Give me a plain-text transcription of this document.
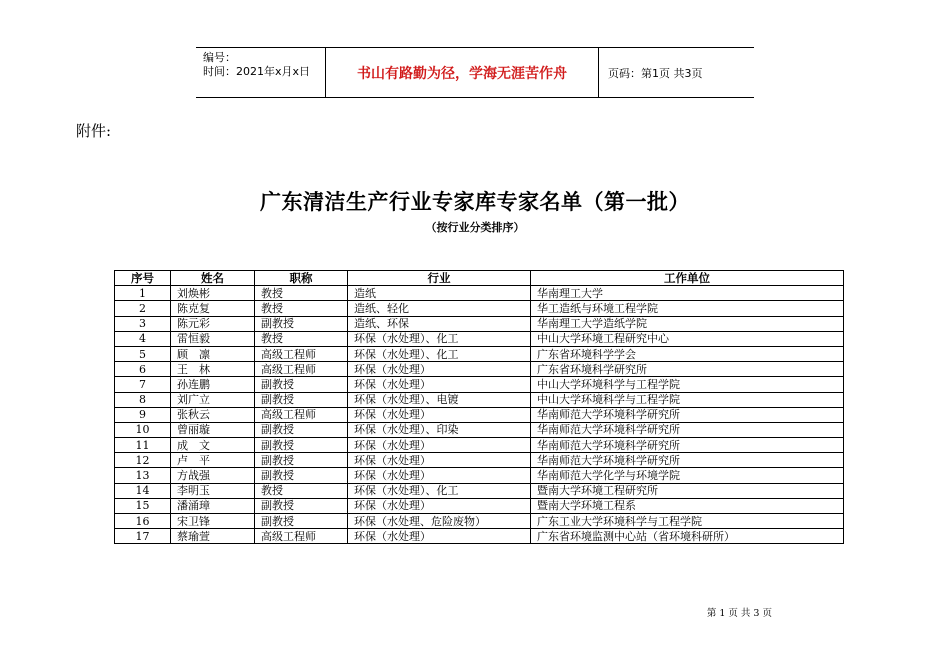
编号：
时间：2021年x月x日	书山有路勤为径，学海无涯苦作舟	页码：第1页 共3页
附件:
广东清洁生产行业专家库专家名单（第一批）
（按行业分类排序）
序号	姓名	职称	行业	工作单位
1	刘焕彬	教授	造纸	华南理工大学
2	陈克复	教授	造纸、轻化	华工造纸与环境工程学院
3	陈元彩	副教授	造纸、环保	华南理工大学造纸学院
4	雷恒毅	教授	环保（水处理）、化工	中山大学环境工程研究中心
5	顾　凛	高级工程师	环保（水处理）、化工	广东省环境科学学会
6	王　林	高级工程师	环保（水处理）	广东省环境科学研究所
7	孙连鹏	副教授	环保（水处理）	中山大学环境科学与工程学院
8	刘广立	副教授	环保（水处理）、电镀	中山大学环境科学与工程学院
9	张秋云	高级工程师	环保（水处理）	华南师范大学环境科学研究所
10	曾丽璇	副教授	环保（水处理）、印染	华南师范大学环境科学研究所
11	成　文	副教授	环保（水处理）	华南师范大学环境科学研究所
12	卢　平	副教授	环保（水处理）	华南师范大学环境科学研究所
13	方战强	副教授	环保（水处理）	华南师范大学化学与环境学院
14	李明玉	教授	环保（水处理）、化工	暨南大学环境工程研究所
15	潘涌璋	副教授	环保（水处理）	暨南大学环境工程系
16	宋卫锋	副教授	环保（水处理、危险废物）	广东工业大学环境科学与工程学院
17	蔡瑜萱	高级工程师	环保（水处理）	广东省环境监测中心站（省环境科研所）
第 1 页 共 3 页
